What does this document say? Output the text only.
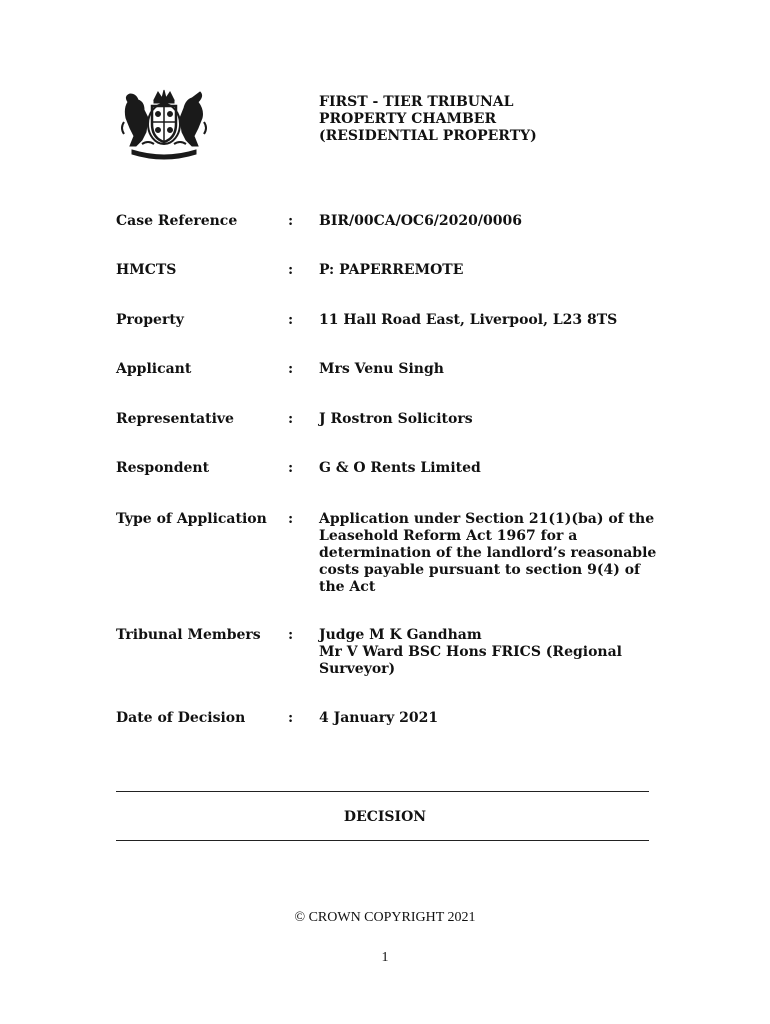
FIRST - TIER TRIBUNAL
PROPERTY CHAMBER
(RESIDENTIAL PROPERTY)
Case Reference	: BIR/00CA/OC6/2020/0006
HMCTS	: P: PAPERREMOTE
Property	: 11 Hall Road East, Liverpool, L23 8TS
Applicant	: Mrs Venu Singh
Representative	: J Rostron Solicitors
Respondent	: G & O Rents Limited
Type of Application : Application under Section 21(1)(ba) of the
Leasehold Reform Act 1967 for a
determination of the landlord’s reasonable
costs payable pursuant to section 9(4) of
the Act
Tribunal Members : Judge M K Gandham
Mr V Ward BSC Hons FRICS (Regional
Surveyor)
Date of Decision	: 4 January 2021
DECISION
© CROWN COPYRIGHT 2021
1
